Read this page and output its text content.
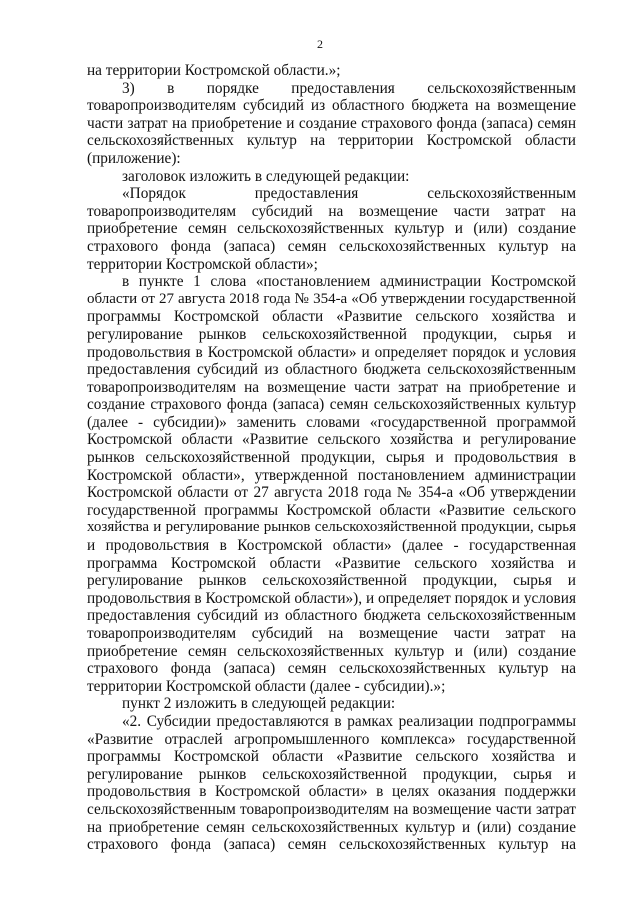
2
на территории Костромской области.»;
3) в порядке предоставления сельскохозяйственным
товаропроизводителям субсидий из областного бюджета на возмещение
части затрат на приобретение и создание страхового фонда (запаса) семян
сельскохозяйственных культур на территории Костромской области
(приложение):
заголовок изложить в следующей редакции:
«Порядок предоставления сельскохозяйственным
товаропроизводителям субсидий на возмещение части затрат на
приобретение семян сельскохозяйственных культур и (или) создание
страхового фонда (запаса) семян сельскохозяйственных культур на
территории Костромской области»;
в пункте 1 слова «постановлением администрации Костромской
области от 27 августа 2018 года № 354-а «Об утверждении государственной
программы Костромской области «Развитие сельского хозяйства и
регулирование рынков сельскохозяйственной продукции, сырья и
продовольствия в Костромской области» и определяет порядок и условия
предоставления субсидий из областного бюджета сельскохозяйственным
товаропроизводителям на возмещение части затрат на приобретение и
создание страхового фонда (запаса) семян сельскохозяйственных культур
(далее - субсидии)» заменить словами «государственной программой
Костромской области «Развитие сельского хозяйства и регулирование
рынков сельскохозяйственной продукции, сырья и продовольствия в
Костромской области», утвержденной постановлением администрации
Костромской области от 27 августа 2018 года № 354-а «Об утверждении
государственной программы Костромской области «Развитие сельского
хозяйства и регулирование рынков сельскохозяйственной продукции, сырья
и продовольствия в Костромской области» (далее - государственная
программа Костромской области «Развитие сельского хозяйства и
регулирование рынков сельскохозяйственной продукции, сырья и
продовольствия в Костромской области»), и определяет порядок и условия
предоставления субсидий из областного бюджета сельскохозяйственным
товаропроизводителям субсидий на возмещение части затрат на
приобретение семян сельскохозяйственных культур и (или) создание
страхового фонда (запаса) семян сельскохозяйственных культур на
территории Костромской области (далее - субсидии).»;
пункт 2 изложить в следующей редакции:
«2. Субсидии предоставляются в рамках реализации подпрограммы
«Развитие отраслей агропромышленного комплекса» государственной
программы Костромской области «Развитие сельского хозяйства и
регулирование рынков сельскохозяйственной продукции, сырья и
продовольствия в Костромской области» в целях оказания поддержки
сельскохозяйственным товаропроизводителям на возмещение части затрат
на приобретение семян сельскохозяйственных культур и (или) создание
страхового фонда (запаса) семян сельскохозяйственных культур на
